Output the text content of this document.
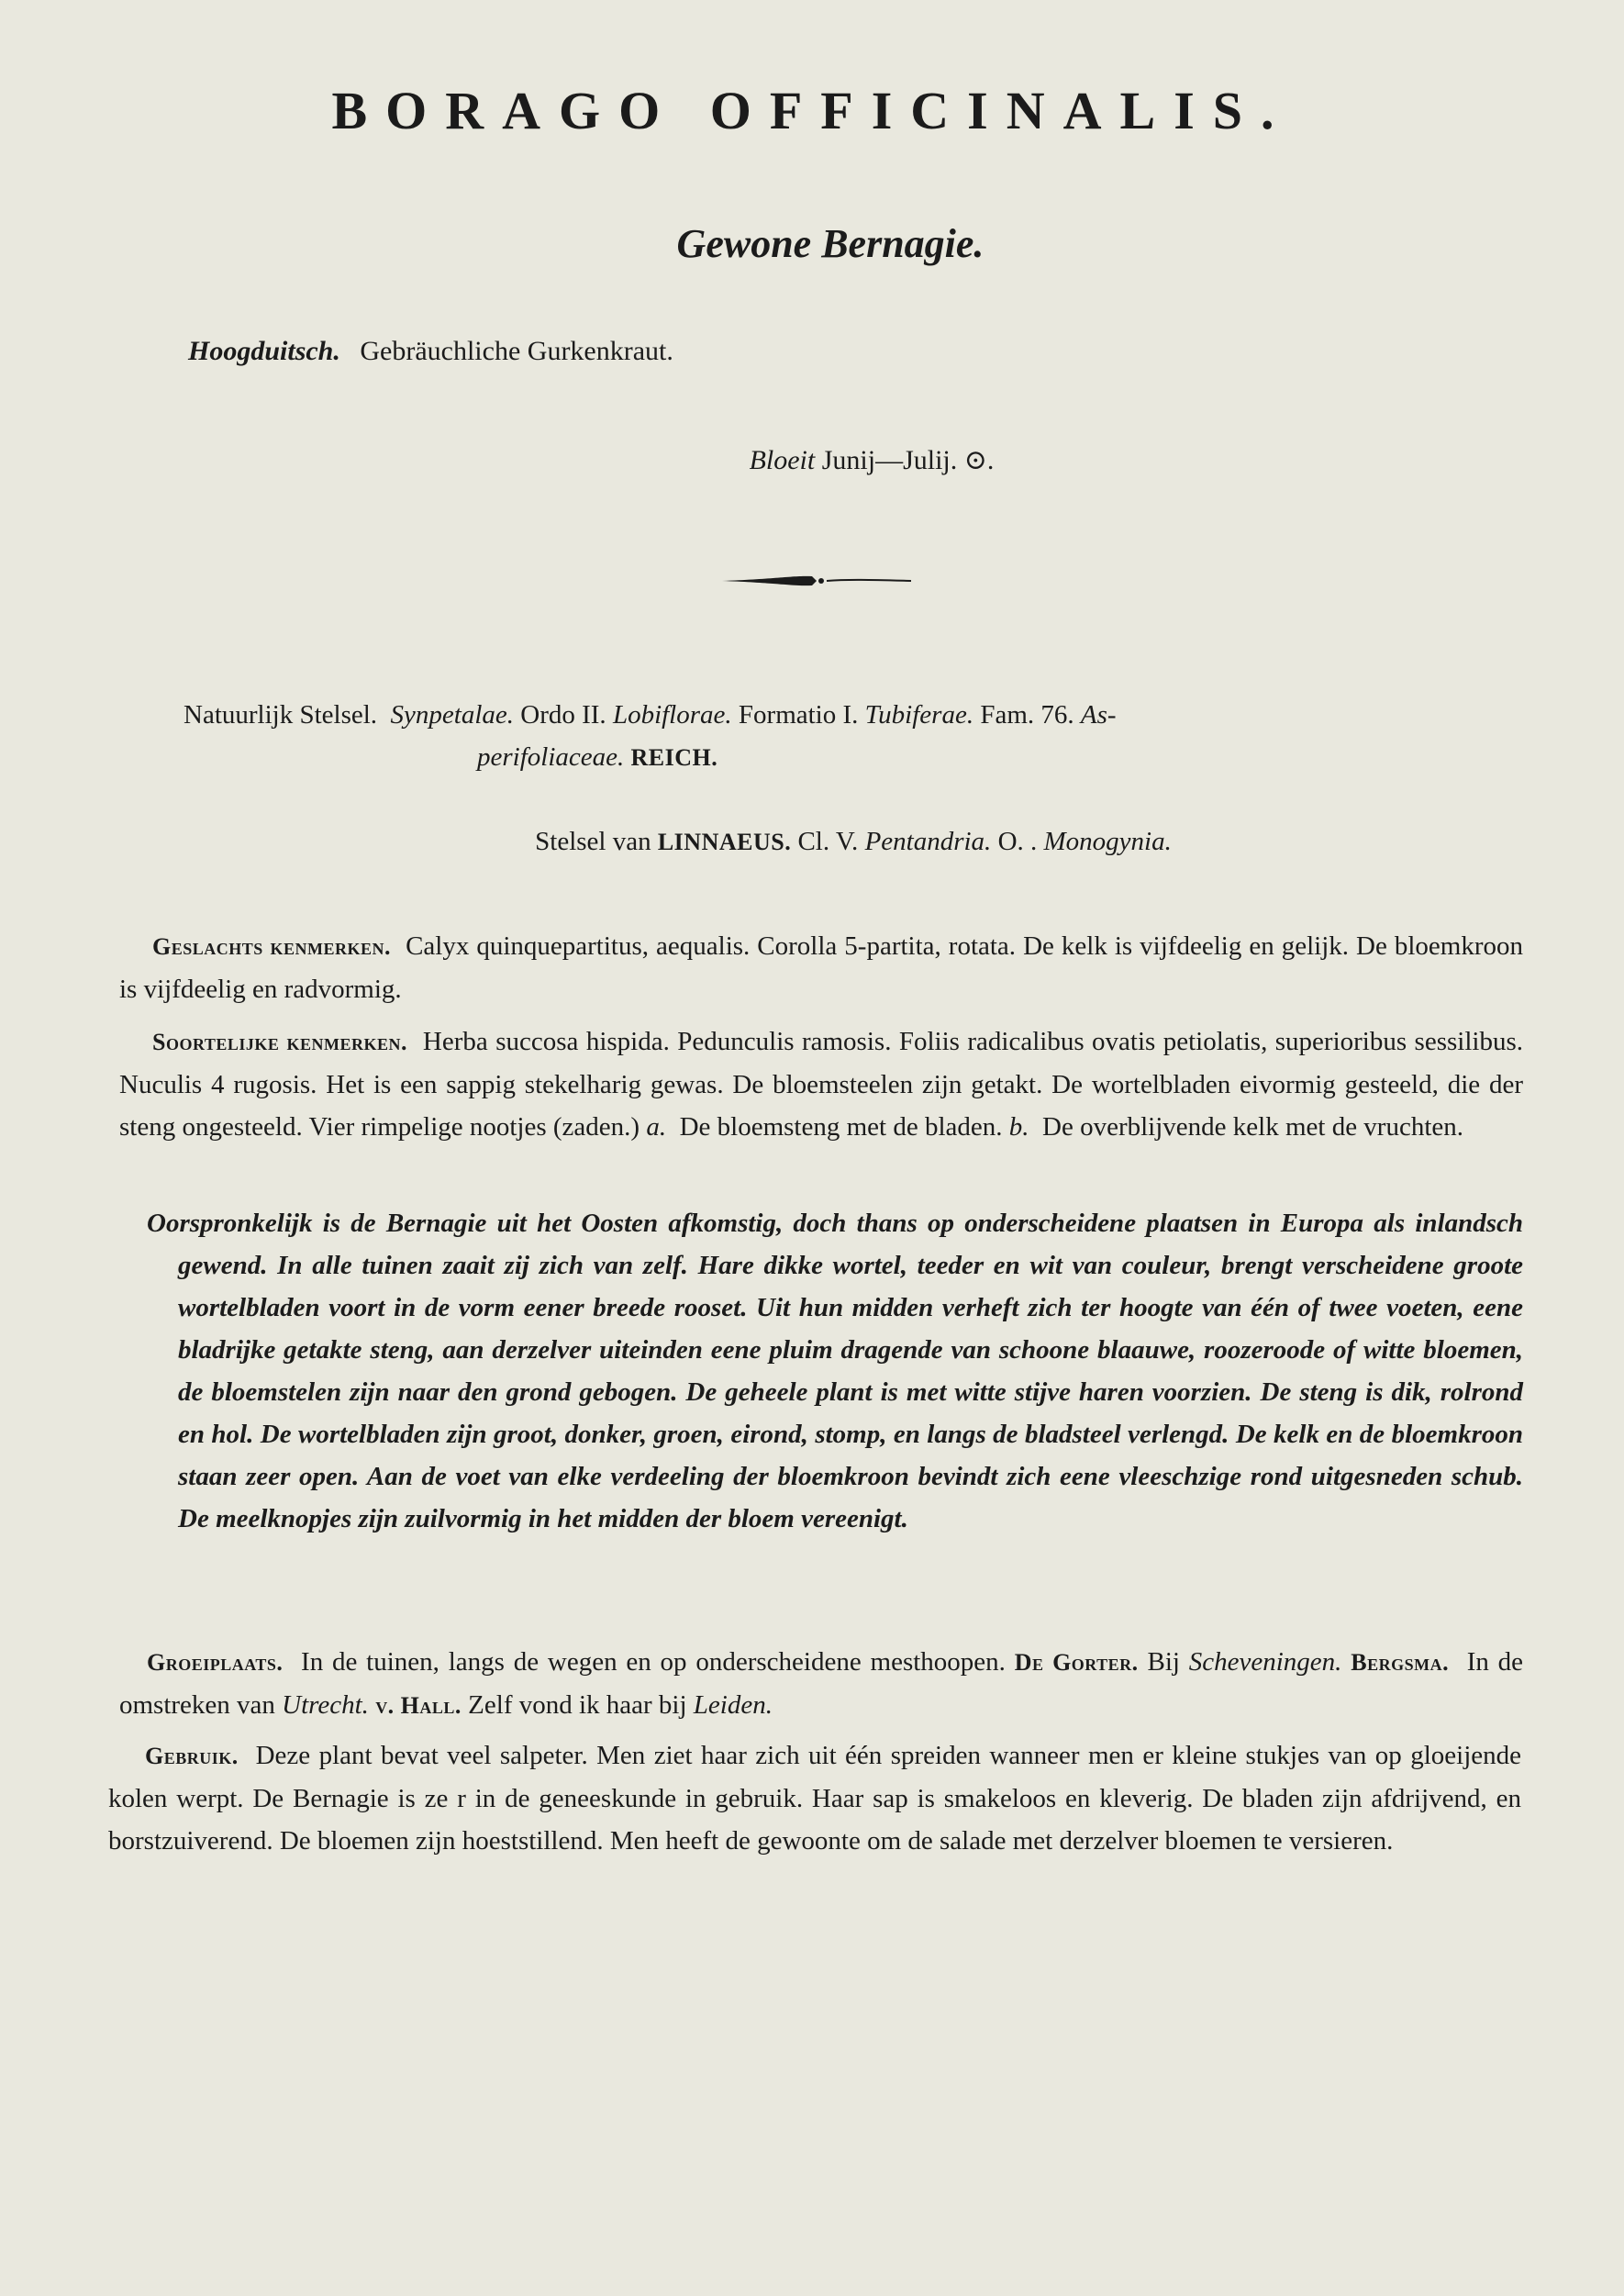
BORAGO OFFICINALIS.
Gewone Bernagie.
Hoogduitsch. Gebräuchliche Gurkenkraut.
Bloeit Junij—Julij. ⊙.

Natuurlijk Stelsel. Synpetalae. Ordo II. Lobiflorae. Formatio I. Tubiferae. Fam. 76. As-

perifoliaceae. REICH.

Stelsel van LINNAEUS. Cl. V. Pentandria. O. . Monogynia.

Geslachts kenmerken. Calyx quinquepartitus, aequalis. Corolla 5-partita, rotata. De kelk is vijfdeelig en gelijk. De bloemkroon is vijfdeelig en radvormig.

Soortelijke kenmerken. Herba succosa hispida. Pedunculis ramosis. Foliis radicalibus ovatis petiolatis, superioribus sessilibus. Nuculis 4 rugosis. Het is een sappig stekelharig gewas. De bloemsteelen zijn getakt. De wortelbladen eivormig gesteeld, die der steng ongesteeld. Vier rimpelige nootjes (zaden.) a. De bloemsteng met de bladen. b. De overblijvende kelk met de vruchten.

Oorspronkelijk is de Bernagie uit het Oosten afkomstig, doch thans op onderscheidene plaatsen in Europa als inlandsch gewend. In alle tuinen zaait zij zich van zelf. Hare dikke wortel, teeder en wit van couleur, brengt verscheidene groote wortelbladen voort in de vorm eener breede rooset. Uit hun midden verheft zich ter hoogte van één of twee voeten, eene bladrijke getakte steng, aan derzelver uiteinden eene pluim dragende van schoone blaauwe, roozeroode of witte bloemen, de bloemstelen zijn naar den grond gebogen. De geheele plant is met witte stijve haren voorzien. De steng is dik, rolrond en hol. De wortelbladen zijn groot, donker, groen, eirond, stomp, en langs de bladsteel verlengd. De kelk en de bloemkroon staan zeer open. Aan de voet van elke verdeeling der bloemkroon bevindt zich eene vleeschzige rond uitgesneden schub. De meelknopjes zijn zuilvormig in het midden der bloem vereenigt.

Groeiplaats. In de tuinen, langs de wegen en op onderscheidene mesthoopen. De Gorter. Bij Scheveningen. Bergsma. In de omstreken van Utrecht. v. Hall. Zelf vond ik haar bij Leiden.

Gebruik. Deze plant bevat veel salpeter. Men ziet haar zich uit één spreiden wanneer men er kleine stukjes van op gloeijende kolen werpt. De Bernagie is ze r in de geneeskunde in gebruik. Haar sap is smakeloos en kleverig. De bladen zijn afdrijvend, en borstzuiverend. De bloemen zijn hoeststillend. Men heeft de gewoonte om de salade met derzelver bloemen te versieren.
